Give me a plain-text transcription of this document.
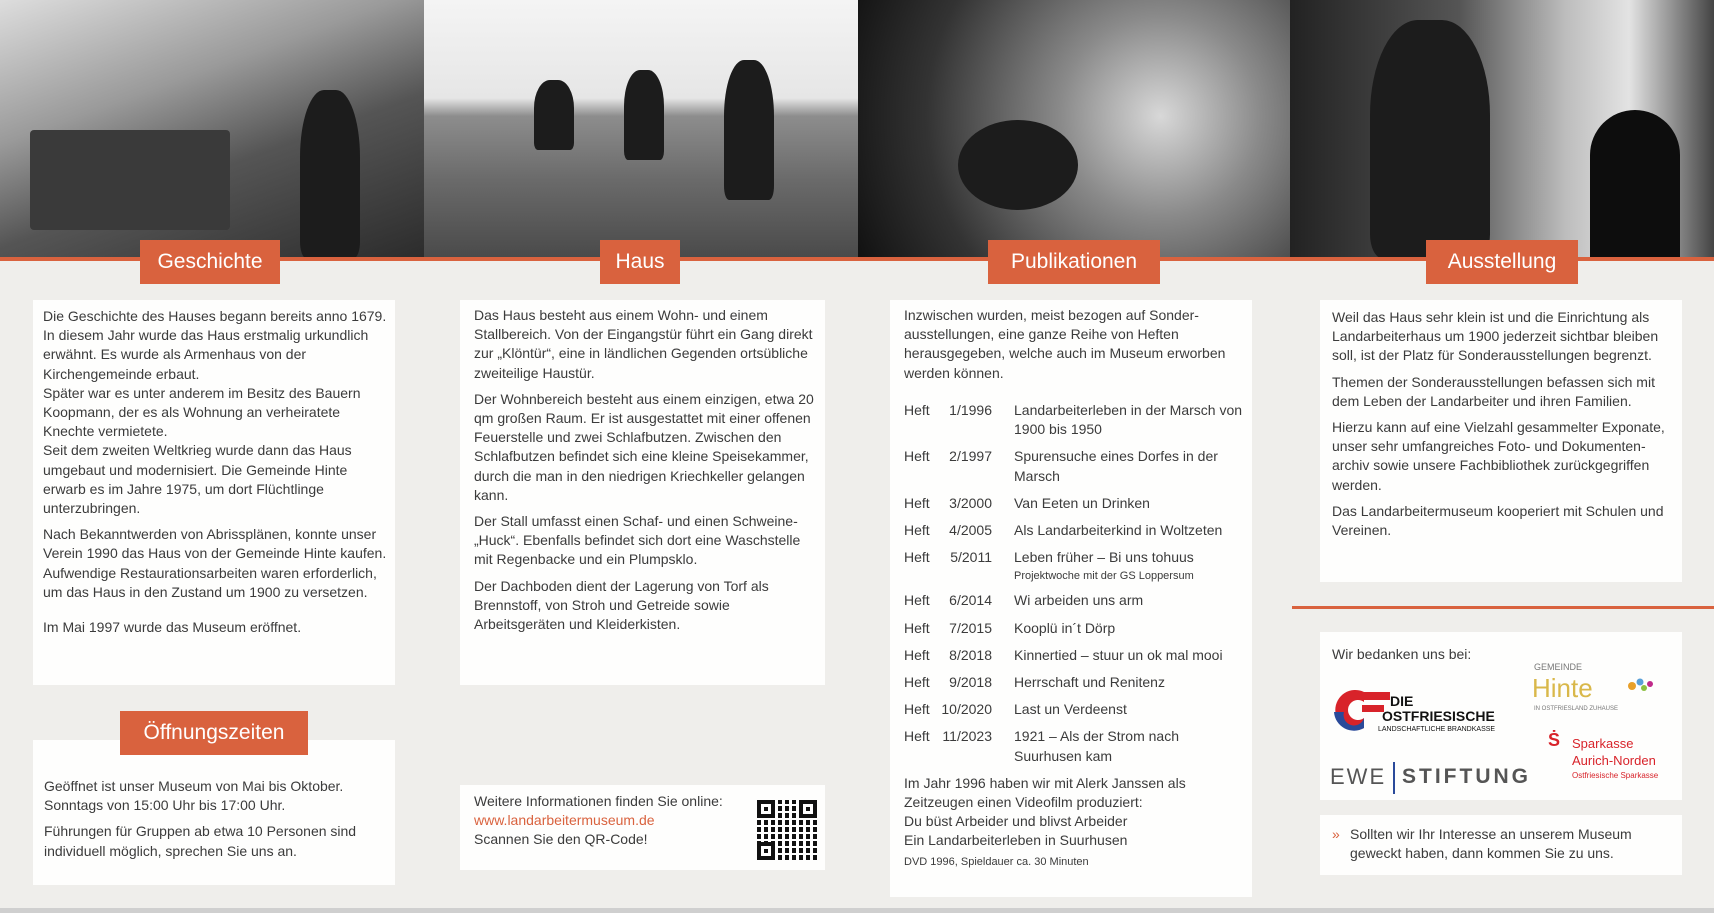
Geschichte	Haus	Publikationen	Ausstellung

Die Geschichte des Hauses begann bereits anno 1679. In diesem Jahr wurde das Haus erstmalig urkundlich erwähnt. Es wurde als Armenhaus von der Kirchengemeinde erbaut.

Später war es unter anderem im Besitz des Bauern Koopmann, der es als Wohnung an verheiratete Knechte vermietete.

Seit dem zweiten Weltkrieg wurde dann das Haus umgebaut und modernisiert. Die Gemeinde Hinte erwarb es im Jahre 1975, um dort Flüchtlinge unterzubringen.

Nach Bekanntwerden von Abrissplänen, konnte unser Verein 1990 das Haus von der Gemeinde Hinte kaufen. Aufwendige Restaurationsarbeiten waren erforderlich, um das Haus in den Zustand um 1900 zu versetzen.

Im Mai 1997 wurde das Museum eröffnet.

Öffnungszeiten

Geöffnet ist unser Museum von Mai bis Oktober. Sonntags von 15:00 Uhr bis 17:00 Uhr.

Führungen für Gruppen ab etwa 10 Personen sind individuell möglich, sprechen Sie uns an.

Das Haus besteht aus einem Wohn- und einem Stallbereich. Von der Eingangstür führt ein Gang direkt zur „Klöntür“, eine in ländlichen Gegenden ortsübliche zweiteilige Haustür.

Der Wohnbereich besteht aus einem einzigen, etwa 20 qm großen Raum. Er ist ausgestattet mit einer offenen Feuerstelle und zwei Schlafbutzen. Zwischen den Schlafbutzen befindet sich eine kleine Speisekammer, durch die man in den niedrigen Kriechkeller gelangen kann.

Der Stall umfasst einen Schaf- und einen Schweine-„Huck“. Ebenfalls befindet sich dort eine Waschstelle mit Regenbacke und ein Plumpsklo.

Der Dachboden dient der Lagerung von Torf als Brennstoff, von Stroh und Getreide sowie Arbeitsgeräten und Kleiderkisten.

Weitere Informationen finden Sie online:
www.landarbeitermuseum.de
Scannen Sie den QR-Code!
Inzwischen wurden, meist bezogen auf Sonder-ausstellungen, eine ganze Reihe von Heften herausgegeben, welche auch im Museum erworben werden können.
Heft	1/1996 Landarbeiterleben in der Marsch von 1900 bis 1950
Heft	2/1997 Spurensuche eines Dorfes in der Marsch
Heft	3/2000 Van Eeten un Drinken
Heft	4/2005 Als Landarbeiterkind in Woltzeten
Heft	5/2011 Leben früher – Bi uns tohuus
Projektwoche mit der GS Loppersum
Heft	6/2014 Wi arbeiden uns arm
Heft	7/2015 Kooplü in´t Dörp
Heft	8/2018 Kinnertied – stuur un ok mal mooi
Heft	9/2018 Herrschaft und Renitenz
Heft 10/2020 Last un Verdeenst
Heft 11/2023 1921 – Als der Strom nach Suurhusen kam
Im Jahr 1996 haben wir mit Alerk Janssen als Zeitzeugen einen Videofilm produziert:
Du büst Arbeider und blivst Arbeider
Ein Landarbeiterleben in Suurhusen
DVD 1996, Spieldauer ca. 30 Minuten

Weil das Haus sehr klein ist und die Einrichtung als Landarbeiterhaus um 1900 jederzeit sichtbar bleiben soll, ist der Platz für Sonderausstellungen begrenzt.

Themen der Sonderausstellungen befassen sich mit dem Leben der Landarbeiter und ihren Familien.

Hierzu kann auf eine Vielzahl gesammelter Exponate, unser sehr umfangreiches Foto- und Dokumenten-archiv sowie unsere Fachbibliothek zurückgegriffen werden.

Das Landarbeitermuseum kooperiert mit Schulen und Vereinen.

Wir bedanken uns bei:
DIE
OSTFRIESISCHE
LANDSCHAFTLICHE BRANDKASSE
GEMEINDE
Hinte
IN OSTFRIESLAND ZUHAUSE
Ṡ Sparkasse
Aurich-Norden
Ostfriesische Sparkasse
EWE STIFTUNG
» Sollten wir Ihr Interesse an unserem Museum geweckt haben, dann kommen Sie zu uns.
